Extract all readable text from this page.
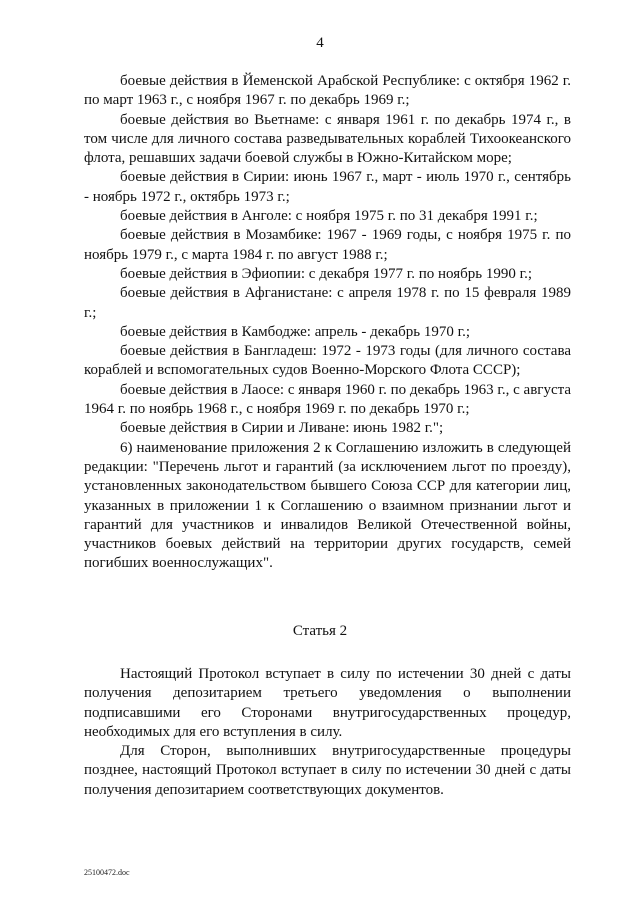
4

боевые действия в Йеменской Арабской Республике: с октября 1962 г. по март 1963 г., с ноября 1967 г. по декабрь 1969 г.;

боевые действия во Вьетнаме: с января 1961 г. по декабрь 1974 г., в том числе для личного состава разведывательных кораблей Тихоокеанского флота, решавших задачи боевой службы в Южно-Китайском море;

боевые действия в Сирии: июнь 1967 г., март - июль 1970 г., сентябрь - ноябрь 1972 г., октябрь 1973 г.;

боевые действия в Анголе: с ноября 1975 г. по 31 декабря 1991 г.;

боевые действия в Мозамбике: 1967 - 1969 годы, с ноября 1975 г. по ноябрь 1979 г., с марта 1984 г. по август 1988 г.;

боевые действия в Эфиопии: с декабря 1977 г. по ноябрь 1990 г.;

боевые действия в Афганистане: с апреля 1978 г. по 15 февраля 1989 г.;

боевые действия в Камбодже: апрель - декабрь 1970 г.;

боевые действия в Бангладеш: 1972 - 1973 годы (для личного состава кораблей и вспомогательных судов Военно-Морского Флота СССР);

боевые действия в Лаосе: с января 1960 г. по декабрь 1963 г., с августа 1964 г. по ноябрь 1968 г., с ноября 1969 г. по декабрь 1970 г.;

боевые действия в Сирии и Ливане: июнь 1982 г.";

6) наименование приложения 2 к Соглашению изложить в следующей редакции: "Перечень льгот и гарантий (за исключением льгот по проезду), установленных законодательством бывшего Союза ССР для категории лиц, указанных в приложении 1 к Соглашению о взаимном признании льгот и гарантий для участников и инвалидов Великой Отечественной войны, участников боевых действий на территории других государств, семей погибших военнослужащих".

Статья 2

Настоящий Протокол вступает в силу по истечении 30 дней с даты получения депозитарием третьего уведомления о выполнении подписавшими его Сторонами внутригосударственных процедур, необходимых для его вступления в силу.

Для Сторон, выполнивших внутригосударственные процедуры позднее, настоящий Протокол вступает в силу по истечении 30 дней с даты получения депозитарием соответствующих документов.

25100472.doc
